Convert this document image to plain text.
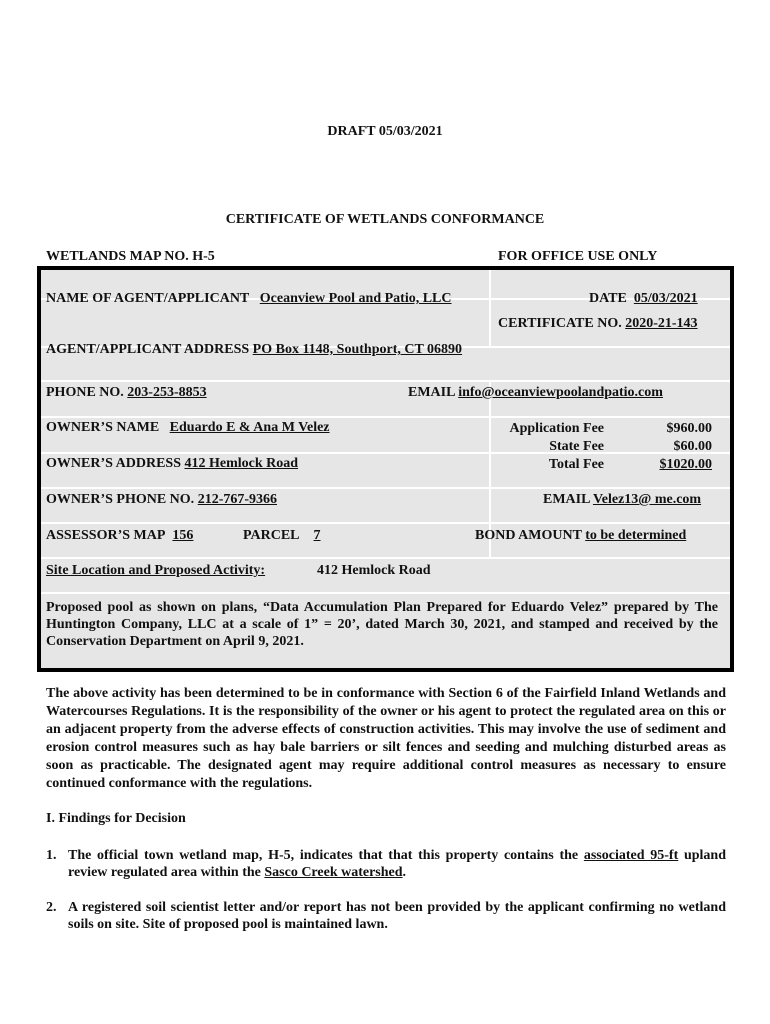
DRAFT 05/03/2021
CERTIFICATE OF WETLANDS CONFORMANCE
WETLANDS MAP NO. H-5	FOR OFFICE USE ONLY
NAME OF AGENT/APPLICANT Oceanview Pool and Patio, LLC	DATE  05/03/2021
CERTIFICATE NO. 2020-21-143
AGENT/APPLICANT ADDRESS PO Box 1148, Southport, CT 06890
PHONE NO. 203-253-8853	EMAIL info@oceanviewpoolandpatio.com
OWNER’S NAME Eduardo E & Ana M Velez
OWNER’S ADDRESS 412 Hemlock Road
Application Fee	$960.00
State Fee	$60.00
Total Fee	$1020.00
OWNER’S PHONE NO. 212-767-9366	EMAIL Velez13@ me.com
ASSESSOR’S MAP 156	PARCEL 7	BOND AMOUNT to be determined
Site Location and Proposed Activity:	412 Hemlock Road
Proposed pool as shown on plans, “Data Accumulation Plan Prepared for Eduardo Velez” prepared by The Huntington Company, LLC at a scale of 1” = 20’, dated March 30, 2021, and stamped and received by the Conservation Department on April 9, 2021.
The above activity has been determined to be in conformance with Section 6 of the Fairfield Inland Wetlands and Watercourses Regulations. It is the responsibility of the owner or his agent to protect the regulated area on this or an adjacent property from the adverse effects of construction activities. This may involve the use of sediment and erosion control measures such as hay bale barriers or silt fences and seeding and mulching disturbed areas as soon as practicable. The designated agent may require additional control measures as necessary to ensure continued conformance with the regulations.
I. Findings for Decision
1. The official town wetland map, H-5, indicates that that this property contains the associated 95-ft upland review regulated area within the Sasco Creek watershed.
2. A registered soil scientist letter and/or report has not been provided by the applicant confirming no wetland soils on site. Site of proposed pool is maintained lawn.
